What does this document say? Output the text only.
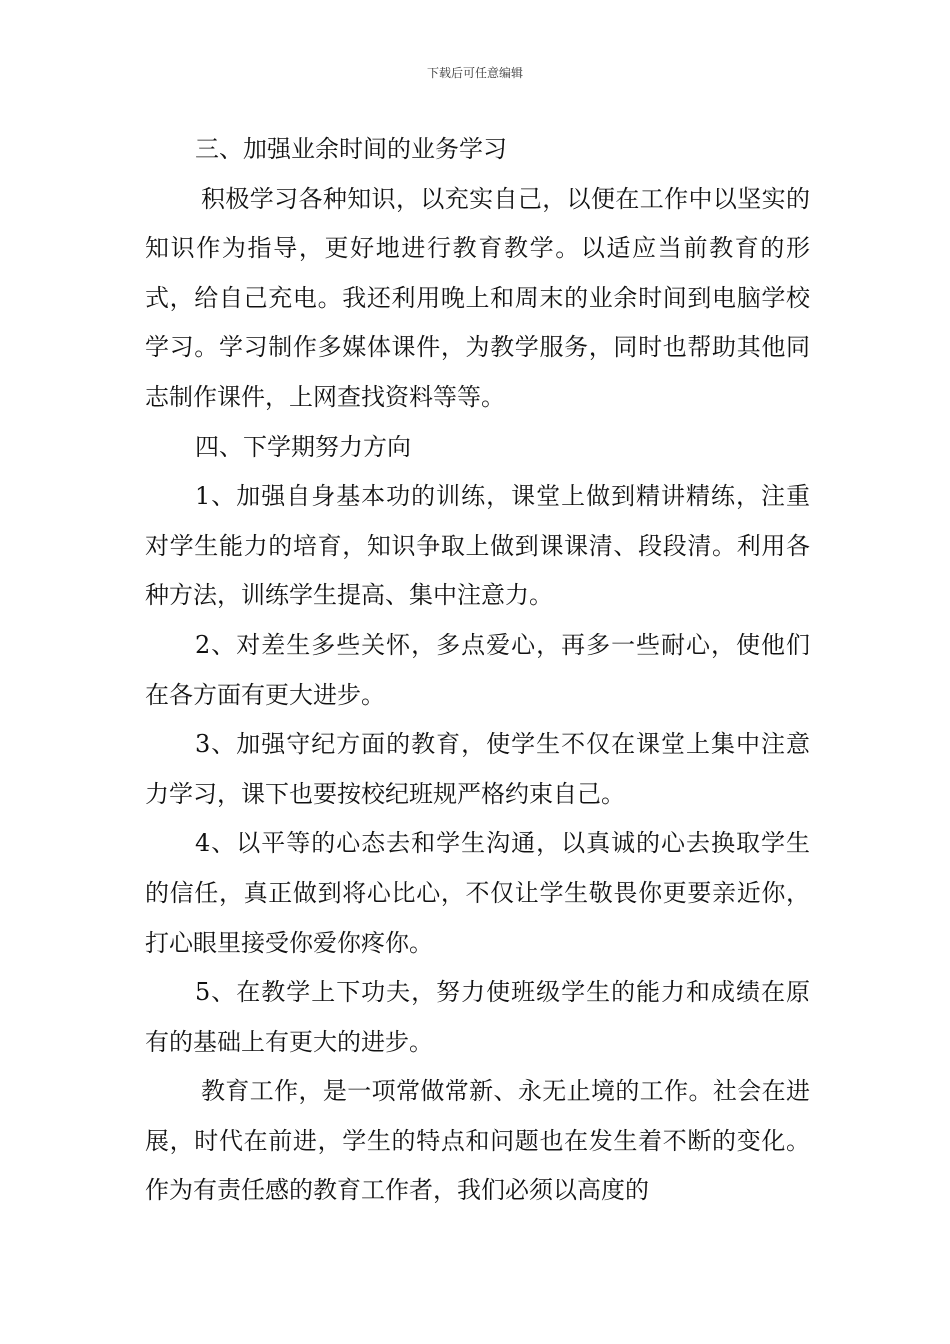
下载后可任意编辑

三、加强业余时间的业务学习

积极学习各种知识，以充实自己，以便在工作中以坚实的知识作为指导，更好地进行教育教学。以适应当前教育的形式，给自己充电。我还利用晚上和周末的业余时间到电脑学校学习。学习制作多媒体课件，为教学服务，同时也帮助其他同志制作课件，上网查找资料等等。

四、下学期努力方向

1、加强自身基本功的训练，课堂上做到精讲精练，注重对学生能力的培育，知识争取上做到课课清、段段清。利用各种方法，训练学生提高、集中注意力。

2、对差生多些关怀，多点爱心，再多一些耐心，使他们在各方面有更大进步。

3、加强守纪方面的教育，使学生不仅在课堂上集中注意力学习，课下也要按校纪班规严格约束自己。

4、以平等的心态去和学生沟通，以真诚的心去换取学生的信任，真正做到将心比心，不仅让学生敬畏你更要亲近你，打心眼里接受你爱你疼你。

5、在教学上下功夫，努力使班级学生的能力和成绩在原有的基础上有更大的进步。

教育工作，是一项常做常新、永无止境的工作。社会在进展，时代在前进，学生的特点和问题也在发生着不断的变化。作为有责任感的教育工作者，我们必须以高度的
